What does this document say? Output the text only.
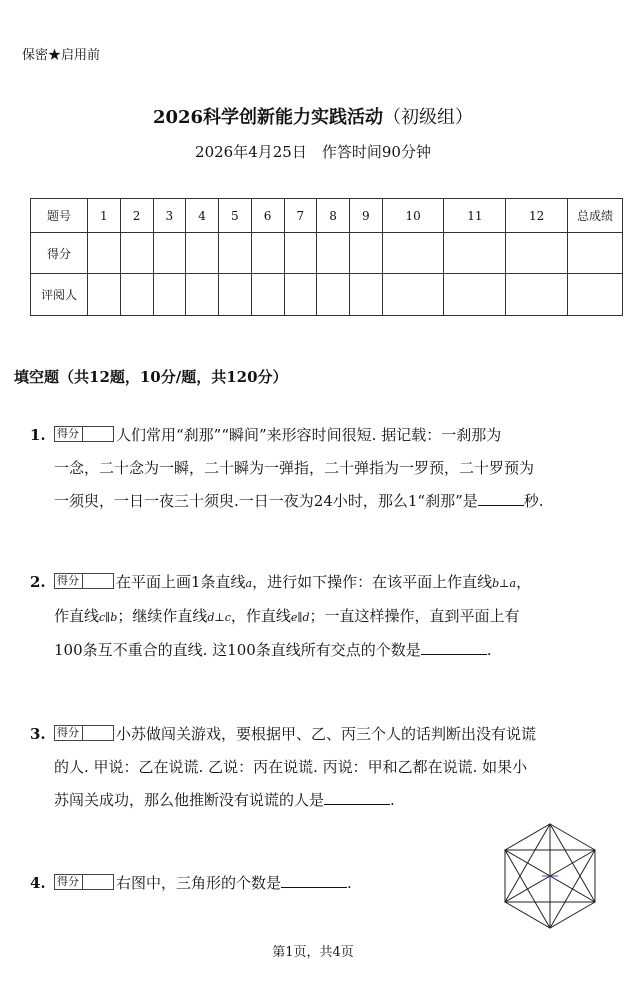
保密★启用前
2026科学创新能力实践活动（初级组）
2026年4月25日　作答时间90分钟
题号	1	2	3	4	5	6	7	8	9	10	11	12	总成绩
得分													
评阅人													
填空题（共12题，10分/题，共120分）
1. 得分 人们常用“刹那”“瞬间”来形容时间很短. 据记载：一刹那为
一念，二十念为一瞬，二十瞬为一弹指，二十弹指为一罗预，二十罗预为
一须臾，一日一夜三十须臾.一日一夜为24小时，那么1“刹那”是	秒.
2. 得分 在平面上画1条直线a，进行如下操作：在该平面上作直线b⊥a，
作直线c∥b；继续作直线d⊥c，作直线e∥d；一直这样操作，直到平面上有
100条互不重合的直线. 这100条直线所有交点的个数是	.
3. 得分 小苏做闯关游戏，要根据甲、乙、丙三个人的话判断出没有说谎
的人. 甲说：乙在说谎. 乙说：丙在说谎. 丙说：甲和乙都在说谎. 如果小
苏闯关成功，那么他推断没有说谎的人是	.
4. 得分 右图中，三角形的个数是	.
第1页，共4页
